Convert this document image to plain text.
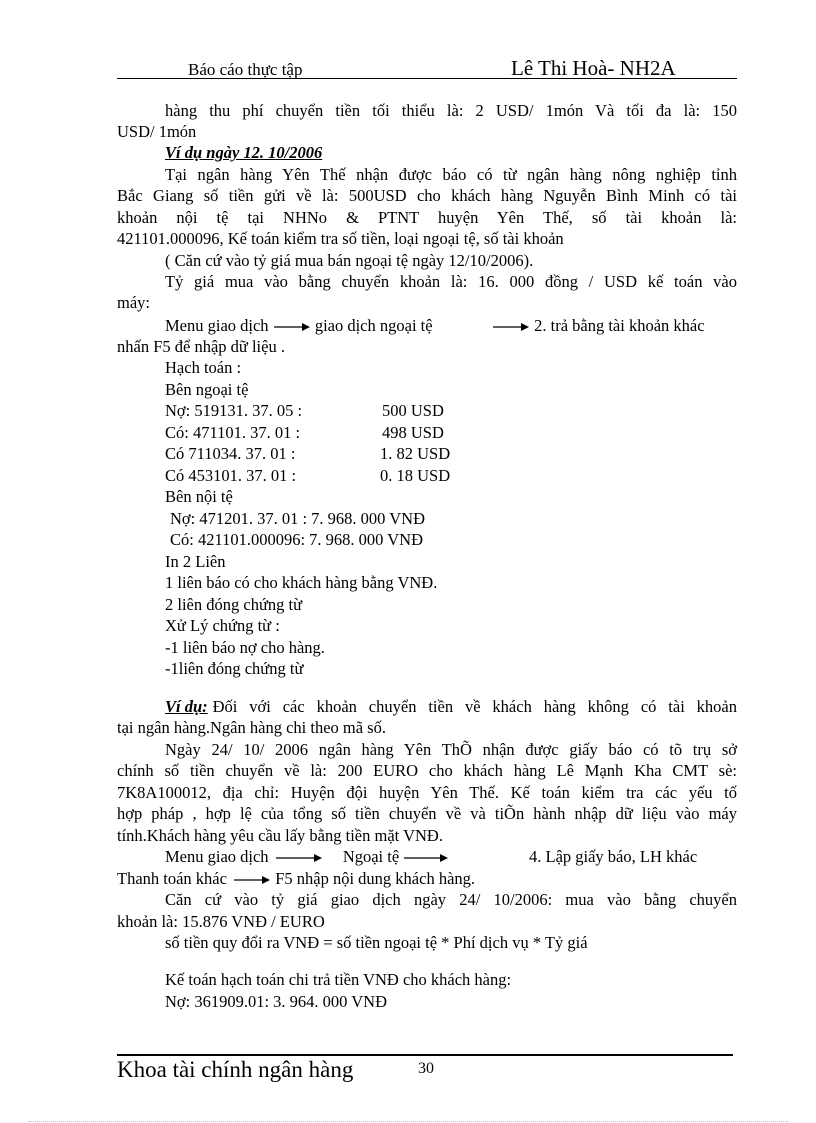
Báo cáo thực tập	Lê Thi Hoà- NH2A
hàng thu phí chuyển tiền tối thiểu là: 2 USD/ 1món Và tối đa là: 150
USD/ 1món
Ví dụ ngày 12. 10/2006
Tại ngân hàng Yên Thế nhận được báo có từ ngân hàng nông nghiệp tỉnh
Bắc Giang số tiền gửi về là: 500USD cho khách hàng Nguyễn Bình Minh có tài
khoản nội tệ tại NHNo & PTNT huyện Yên Thế, số tài khoản là:
421101.000096, Kế toán kiểm tra số tiền, loại ngoại tệ, số tài khoản
( Căn cứ vào tỷ giá mua bán ngoại tệ ngày 12/10/2006).
Tỷ giá mua vào bằng chuyển khoản là: 16. 000 đồng / USD kế toán vào
máy:
Menu giao dịch	giao dịch ngoại tệ	2. trả bằng tài khoản khác
nhấn F5 để nhập dữ liệu .
Hạch toán :
Bên ngoại tệ
Nợ: 519131. 37. 05 :	500 USD
Có: 471101. 37. 01 :	498 USD
Có 711034. 37. 01 :	1. 82 USD
Có 453101. 37. 01 :	0. 18 USD
Bên nội tệ
Nợ: 471201. 37. 01 : 7. 968. 000 VNĐ
Có: 421101.000096: 7. 968. 000 VNĐ
In 2 Liên
1 liên báo có cho khách hàng bằng VNĐ.
2 liên đóng chứng từ
Xử Lý chứng từ :
-1 liên báo nợ cho hàng.
-1liên đóng chứng từ
Ví dụ: Đối với các khoản chuyển tiền về khách hàng không có tài khoản
tại ngân hàng.Ngân hàng chi theo mã số.
Ngày 24/ 10/ 2006 ngân hàng Yên ThÕ nhận được giấy báo có tõ trụ sở
chính số tiền chuyển về là: 200 EURO cho khách hàng Lê Mạnh Kha CMT sè:
7K8A100012, địa chỉ: Huyện đội huyện Yên Thế. Kế toán kiểm tra các yếu tố
hợp pháp , hợp lệ của tổng số tiền chuyển về và tiÕn hành nhập dữ liệu vào máy
tính.Khách hàng yêu cầu lấy bằng tiền mặt VNĐ.
Menu giao dịch	Ngoại tệ	4. Lập giấy báo, LH khác
Thanh toán khác	F5 nhập nội dung khách hàng.
Căn cứ vào tỷ giá giao dịch ngày 24/ 10/2006: mua vào bằng chuyển
khoản là: 15.876 VNĐ / EURO
số tiền quy đổi ra VNĐ = số tiền ngoại tệ * Phí dịch vụ * Tỷ giá
Kế toán hạch toán chi trả tiền VNĐ cho khách hàng:
Nợ: 361909.01: 3. 964. 000 VNĐ
Khoa tài chính ngân hàng	30
